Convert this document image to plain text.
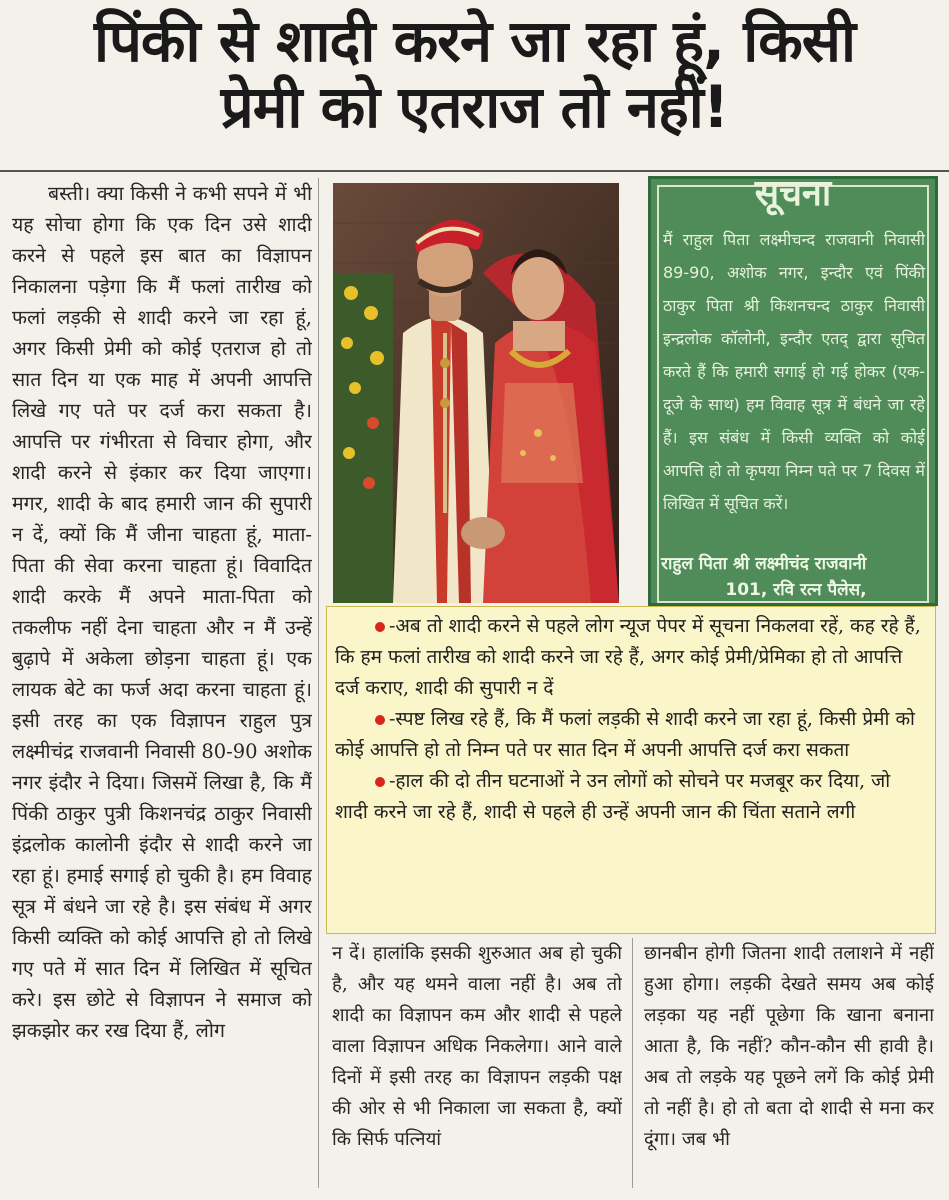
पिंकी से शादी करने जा रहा हूं, किसी
प्रेमी को एतराज तो नहीं!

बस्ती। क्या किसी ने कभी सपने में भी यह सोचा होगा कि एक दिन उसे शादी करने से पहले इस बात का विज्ञापन निकालना पड़ेगा कि मैं फलां तारीख को फलां लड़की से शादी करने जा रहा हूं, अगर किसी प्रेमी को कोई एतराज हो तो सात दिन या एक माह में अपनी आपत्ति लिखे गए पते पर दर्ज करा सकता है। आपत्ति पर गंभीरता से विचार होगा, और शादी करने से इंकार कर दिया जाएगा। मगर, शादी के बाद हमारी जान की सुपारी न दें, क्यों कि मैं जीना चाहता हूं, माता-पिता की सेवा करना चाहता हूं। विवादित शादी करके मैं अपने माता-पिता को तकलीफ नहीं देना चाहता और न मैं उन्हें बुढ़ापे में अकेला छोड़ना चाहता हूं। एक लायक बेटे का फर्ज अदा करना चाहता हूं।इसी तरह का एक विज्ञापन राहुल पुत्र लक्ष्मीचंद्र राजवानी निवासी 80-90 अशोक नगर इंदौर ने दिया। जिसमें लिखा है, कि मैं पिंकी ठाकुर पुत्री किशनचंद्र ठाकुर निवासी इंद्रलोक कालोनी इंदौर से शादी करने जा रहा हूं। हमाई सगाई हो चुकी है। हम विवाह सूत्र में बंधने जा रहे है। इस संबंध में अगर किसी व्यक्ति को कोई आपत्ति हो तो लिखे गए पते में सात दिन में लिखित में सूचित करे। इस छोटे से विज्ञापन ने समाज को झकझोर कर रख दिया हैं, लोग

सूचना
मैं राहुल पिता लक्ष्मीचन्द राजवानी निवासी 89-90, अशोक नगर, इन्दौर एवं पिंकी ठाकुर पिता श्री किशनचन्द ठाकुर निवासी इन्द्रलोक कॉलोनी, इन्दौर एतद् द्वारा सूचित करते हैं कि हमारी सगाई हो गई होकर (एक-दूजे के साथ) हम विवाह सूत्र में बंधने जा रहे हैं। इस संबंध में किसी व्यक्ति को कोई आपत्ति हो तो कृपया निम्न पते पर 7 दिवस में लिखित में सूचित करें।
राहुल पिता श्री लक्ष्मीचंद राजवानी
101, रवि रत्न पैलेस,
-अब तो शादी करने से पहले लोग न्यूज पेपर में सूचना निकलवा रहें, कह रहे हैं, कि हम फलां तारीख को शादी करने जा रहे हैं, अगर कोई प्रेमी/प्रेमिका हो तो आपत्ति दर्ज कराए, शादी की सुपारी न दें
-स्पष्ट लिख रहे हैं, कि मैं फलां लड़की से शादी करने जा रहा हूं, किसी प्रेमी को कोई आपत्ति हो तो निम्न पते पर सात दिन में अपनी आपत्ति दर्ज करा सकता
-हाल की दो तीन घटनाओं ने उन लोगों को सोचने पर मजबूर कर दिया, जो शादी करने जा रहे हैं, शादी से पहले ही उन्हें अपनी जान की चिंता सताने लगी

न दें। हालांकि इसकी शुरुआत अब हो चुकी है, और यह थमने वाला नहीं है। अब तो शादी का विज्ञापन कम और शादी से पहले वाला विज्ञापन अधिक निकलेगा। आने वाले दिनों में इसी तरह का विज्ञापन लड़की पक्ष की ओर से भी निकाला जा सकता है, क्यों कि सिर्फ पत्नियां

छानबीन होगी जितना शादी तलाशने में नहीं हुआ होगा। लड़की देखते समय अब कोई लड़का यह नहीं पूछेगा कि खाना बनाना आता है, कि नहीं? कौन-कौन सी हावी है। अब तो लड़के यह पूछने लगें कि कोई प्रेमी तो नहीं है। हो तो बता दो शादी से मना कर दूंगा। जब भी
